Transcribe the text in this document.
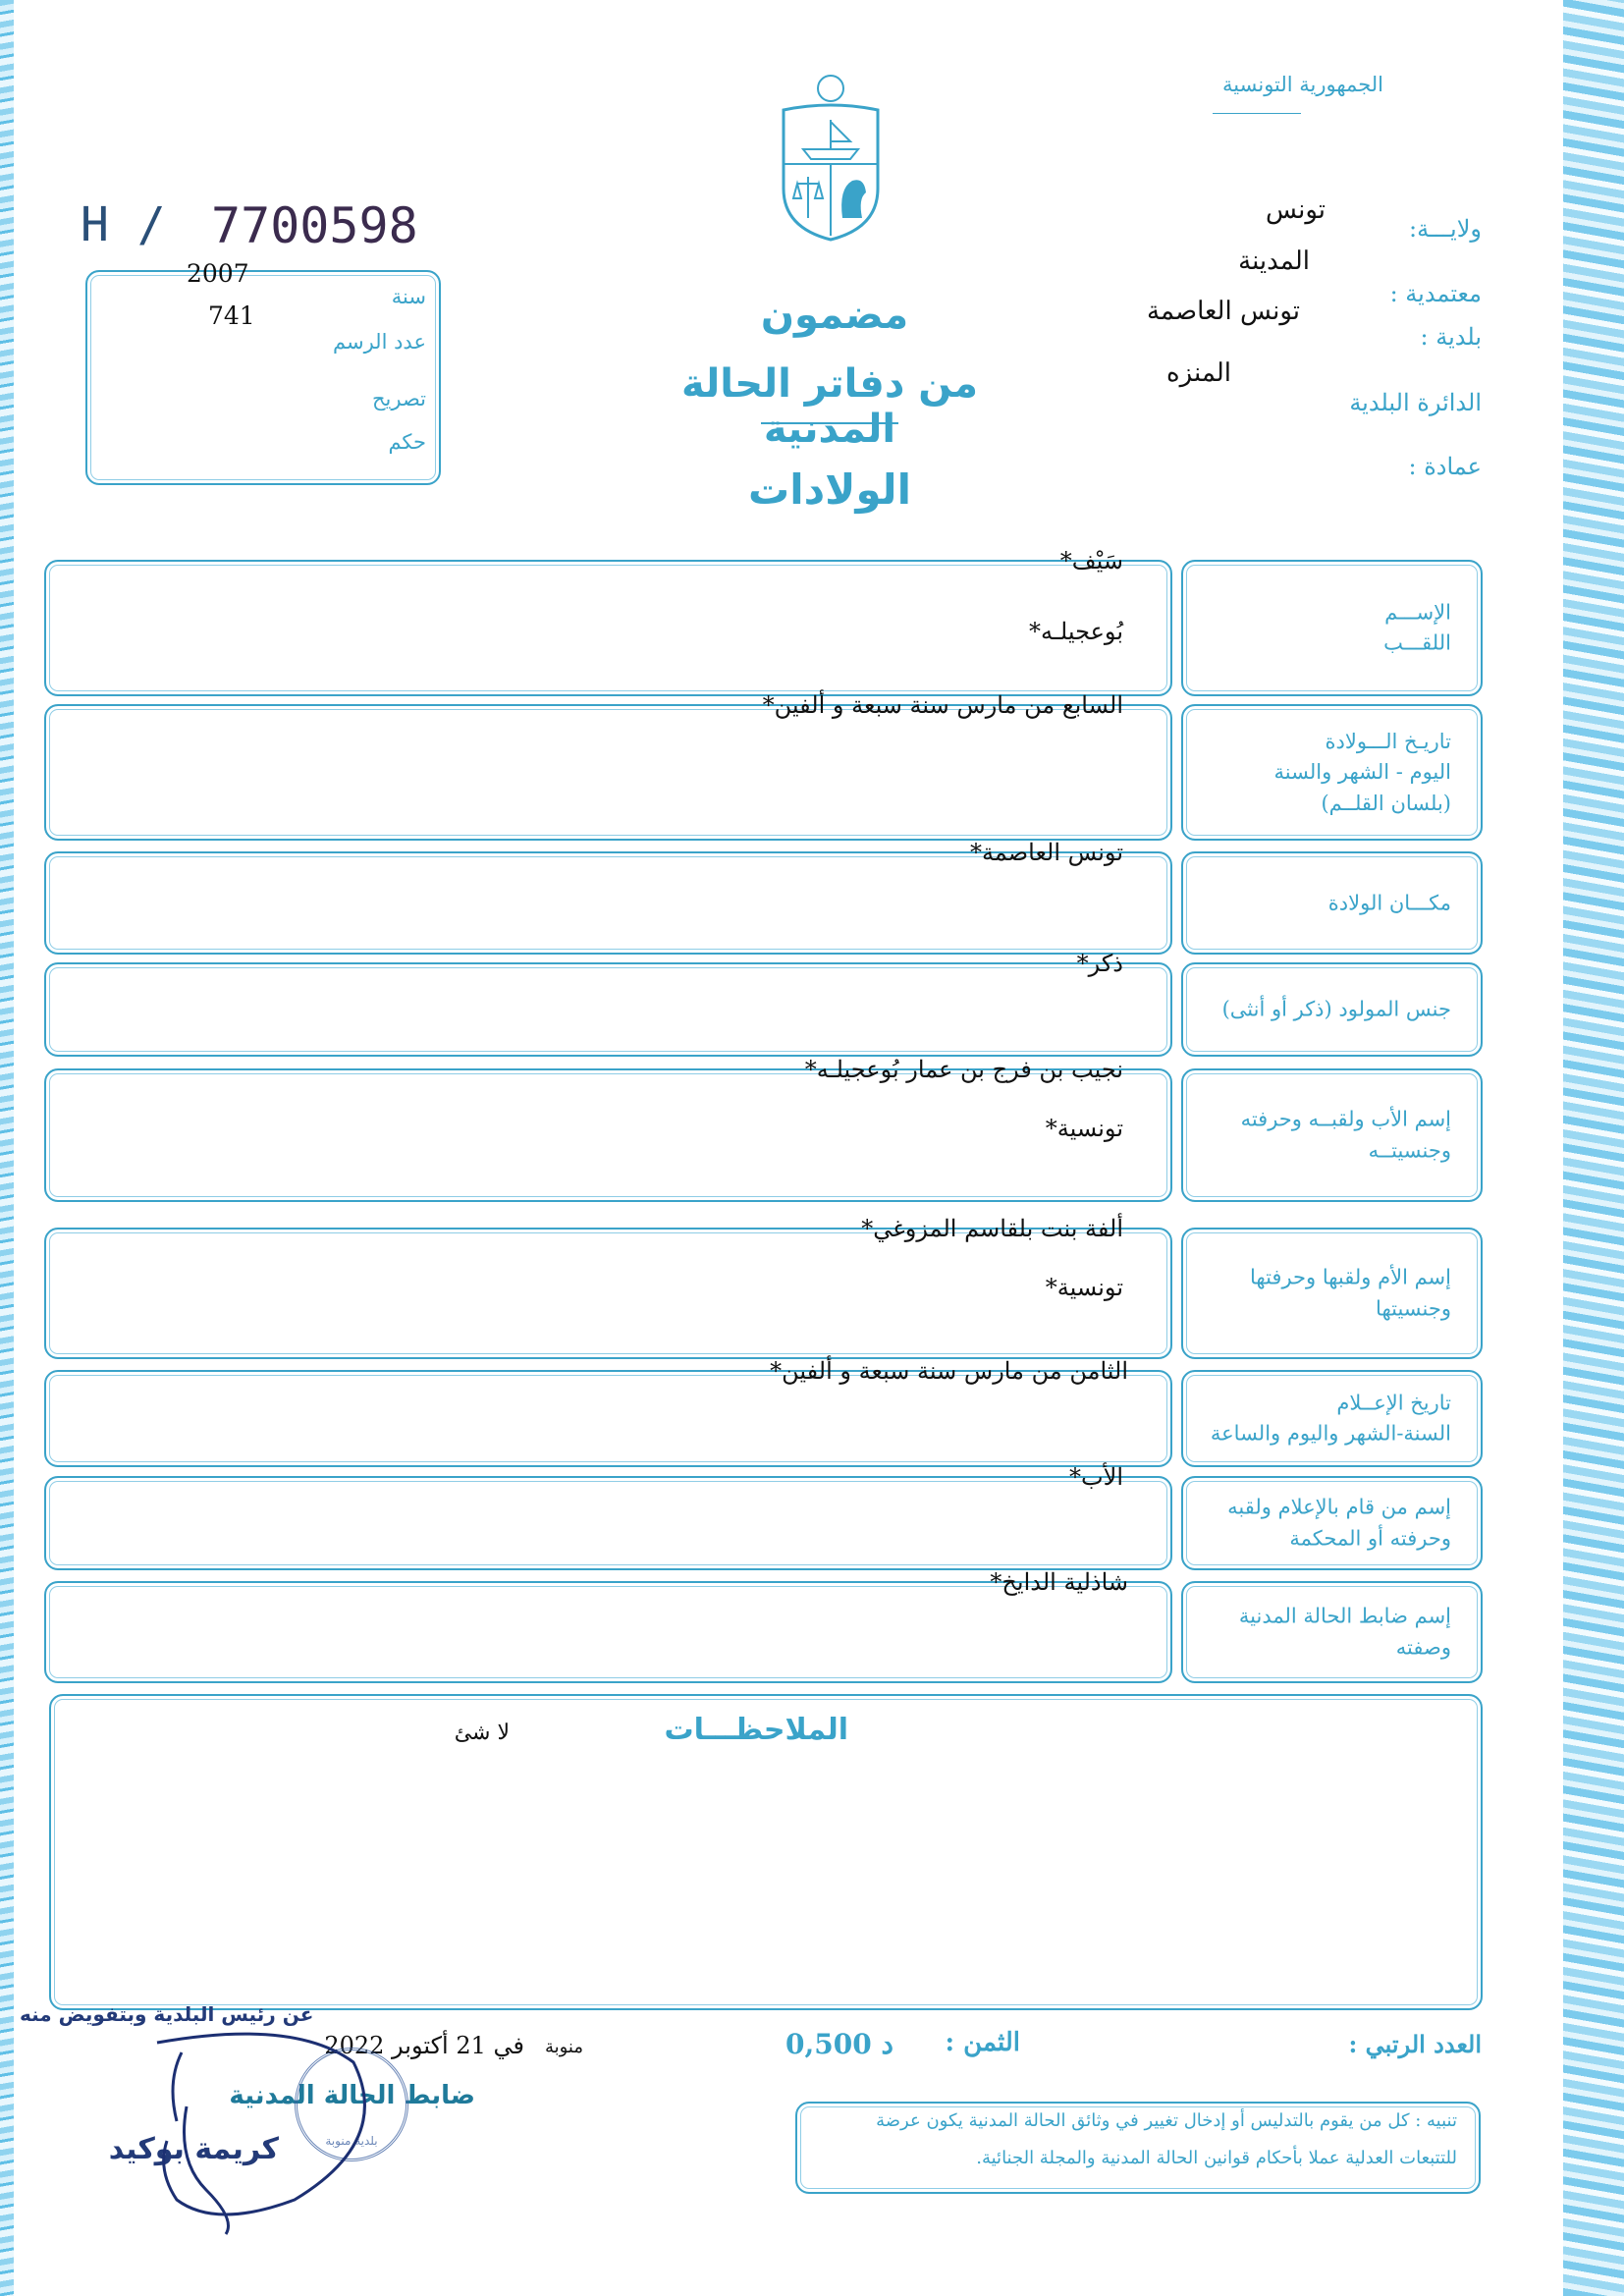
الجمهورية التونسية
H / 7700598
2007
سنة
741
عدد الرسم
تصريح
حكم
مضمون
من دفاتر الحالة المدنية
الولادات
ولايـــة:
تونس
معتمدية :
المدينة
بلدية :
تونس العاصمة
الدائرة البلدية
المنزه
عمادة :
الإســـم
اللقـــب
سَيْف*
بُوعجيلـه*
تاريـخ الـــولادة
اليوم - الشهر والسنة
(بلسان القلــم)
السابع من مارس سنة سبعة و ألفين*
مكـــان الولادة
تونس العاصمة*
جنس المولود (ذكر أو أنثى)
ذكر*
إسم الأب ولقبــه وحرفته
وجنسيتــه
نجيب بن فرج بن عمار بُوعجيلـه*
تونسية*
إسم الأم ولقبها وحرفتها
وجنسيتها
ألفة بنت بلقاسم المزوغي*
تونسية*
تاريخ الإعــلام
السنة-الشهر واليوم والساعة
الثامن من مارس سنة سبعة و ألفين*
إسم من قام بالإعلام ولقبه
وحرفته أو المحكمة
الأب*
إسم ضابط الحالة المدنية
وصفته
شاذلية الدايخ*
الملاحظـــات
لا شئ
العدد الرتبي :
الثمن :
0,500 د
تنبيه : كل من يقوم بالتدليس أو إدخال تغيير في وثائق الحالة المدنية يكون عرضة
للتتبعات العدلية عملا بأحكام قوانين الحالة المدنية والمجلة الجنائية.
منوبة
في 21 أكتوبر 2022
عن رئيس البلدية وبتفويض منه
ضابط الحالة المدنية
كريمة بوكيد	بلدية منوبة
